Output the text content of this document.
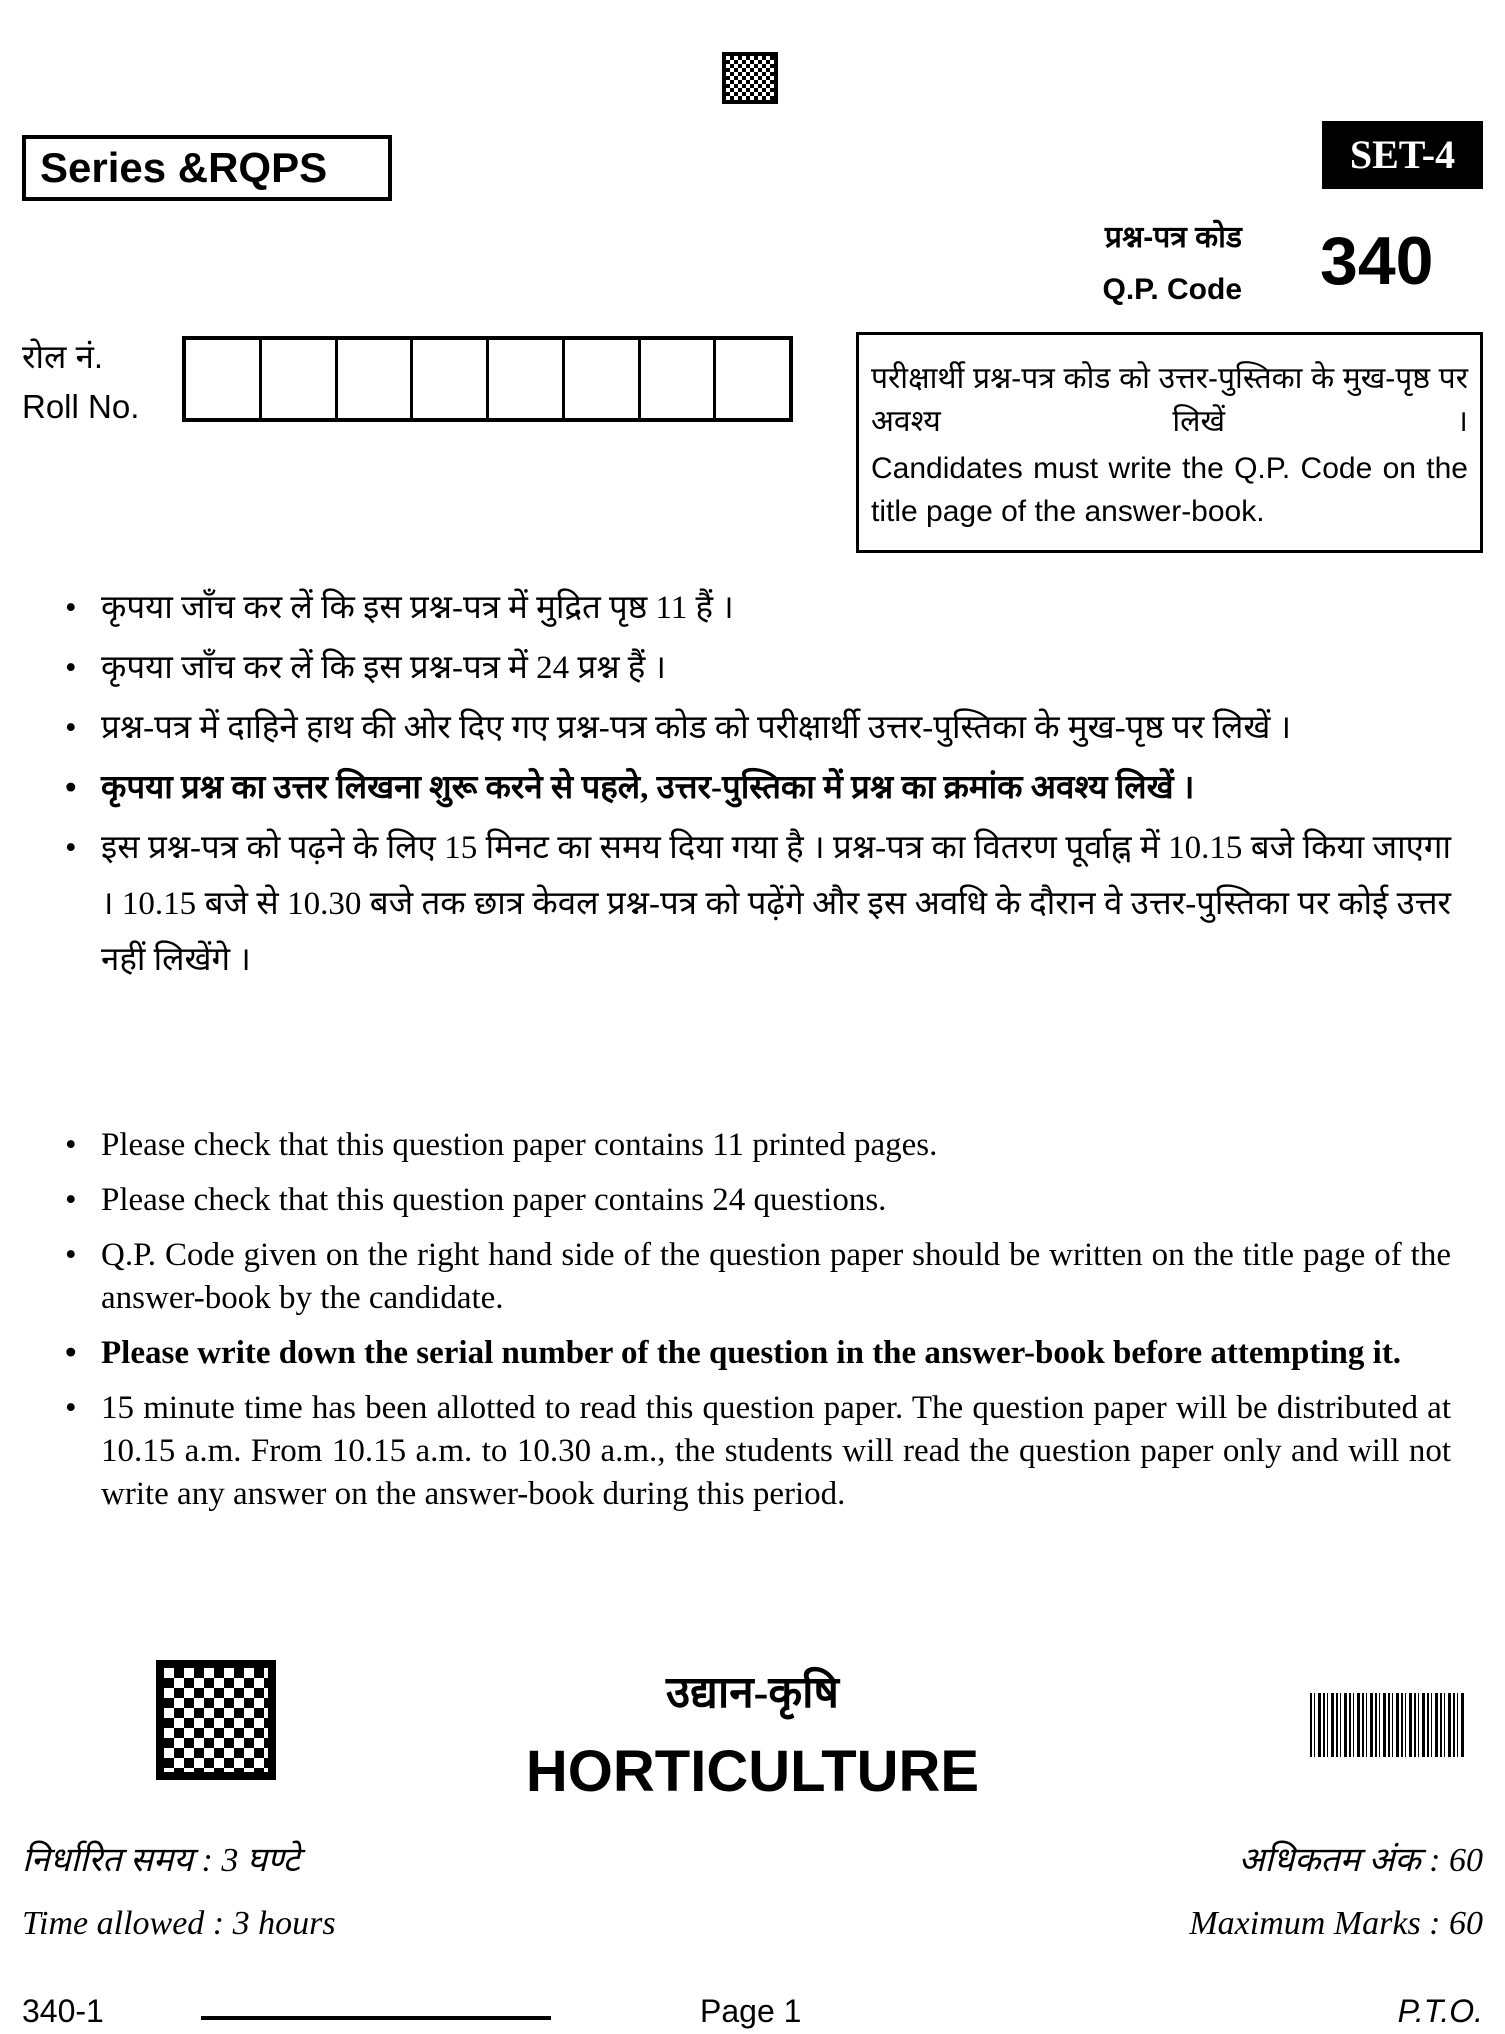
Series &RQPS	SET-4
प्रश्न-पत्र कोड
Q.P. Code 340
रोल नं.
Roll No.

परीक्षार्थी प्रश्न-पत्र कोड को उत्तर-पुस्तिका के मुख-पृष्ठ पर अवश्य लिखें ।

Candidates must write the Q.P. Code on the title page of the answer-book.

• कृपया जाँच कर लें कि इस प्रश्न-पत्र में मुद्रित पृष्ठ 11 हैं ।
• कृपया जाँच कर लें कि इस प्रश्न-पत्र में 24 प्रश्न हैं ।
• प्रश्न-पत्र में दाहिने हाथ की ओर दिए गए प्रश्न-पत्र कोड को परीक्षार्थी उत्तर-पुस्तिका के मुख-पृष्ठ पर लिखें ।
• कृपया प्रश्न का उत्तर लिखना शुरू करने से पहले, उत्तर-पुस्तिका में प्रश्न का क्रमांक अवश्य लिखें ।
• इस प्रश्न-पत्र को पढ़ने के लिए 15 मिनट का समय दिया गया है । प्रश्न-पत्र का वितरण पूर्वाह्न में 10.15 बजे किया जाएगा । 10.15 बजे से 10.30 बजे तक छात्र केवल प्रश्न-पत्र को पढ़ेंगे और इस अवधि के दौरान वे उत्तर-पुस्तिका पर कोई उत्तर नहीं लिखेंगे ।
• Please check that this question paper contains 11 printed pages.
• Please check that this question paper contains 24 questions.
• Q.P. Code given on the right hand side of the question paper should be written on the title page of the answer-book by the candidate.
• Please write down the serial number of the question in the answer-book before attempting it.
• 15 minute time has been allotted to read this question paper. The question paper will be distributed at 10.15 a.m. From 10.15 a.m. to 10.30 a.m., the students will read the question paper only and will not write any answer on the answer-book during this period.
उद्यान-कृषि
HORTICULTURE
निर्धारित समय : 3 घण्टे
Time allowed : 3 hours
अधिकतम अंक : 60
Maximum Marks : 60
340-1	Page 1	P.T.O.
